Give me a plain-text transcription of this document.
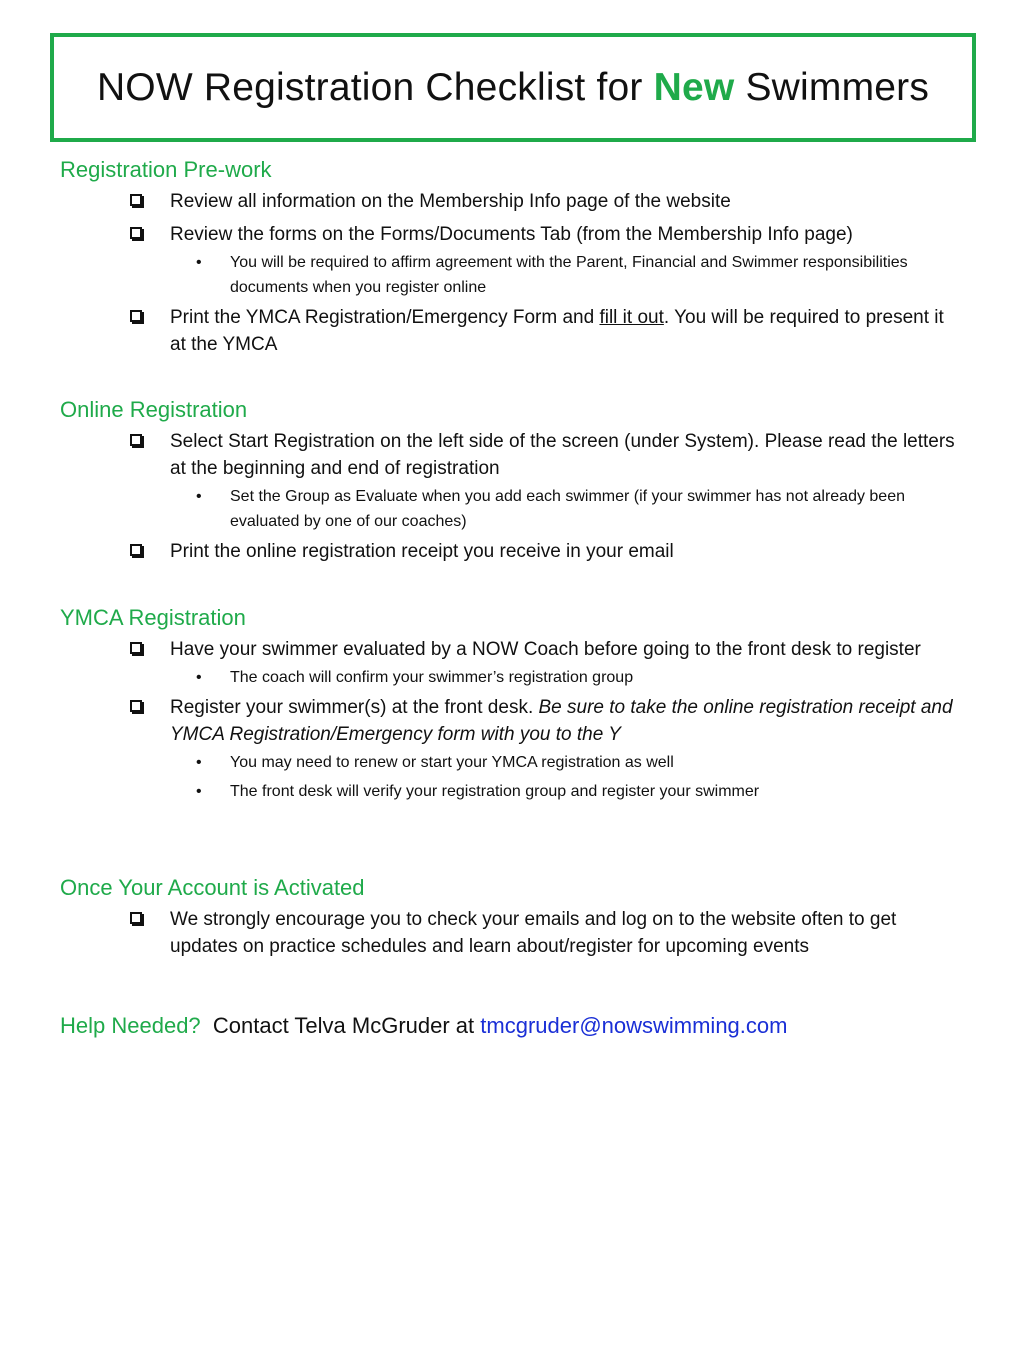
NOW Registration Checklist for New Swimmers
Registration Pre-work
Review all information on the Membership Info page of the website
Review the forms on the Forms/Documents Tab (from the Membership Info page)
• You will be required to affirm agreement with the Parent, Financial and Swimmer responsibilities documents when you register online
Print the YMCA Registration/Emergency Form and fill it out. You will be required to present it at the YMCA
Online Registration
Select Start Registration on the left side of the screen (under System). Please read the letters at the beginning and end of registration
• Set the Group as Evaluate when you add each swimmer (if your swimmer has not already been evaluated by one of our coaches)
Print the online registration receipt you receive in your email
YMCA Registration
Have your swimmer evaluated by a NOW Coach before going to the front desk to register
• The coach will confirm your swimmer’s registration group
Register your swimmer(s) at the front desk. Be sure to take the online registration receipt and YMCA Registration/Emergency form with you to the Y
• You may need to renew or start your YMCA registration as well
• The front desk will verify your registration group and register your swimmer
Once Your Account is Activated
We strongly encourage you to check your emails and log on to the website often to get updates on practice schedules and learn about/register for upcoming events
Help Needed?  Contact Telva McGruder at tmcgruder@nowswimming.com
